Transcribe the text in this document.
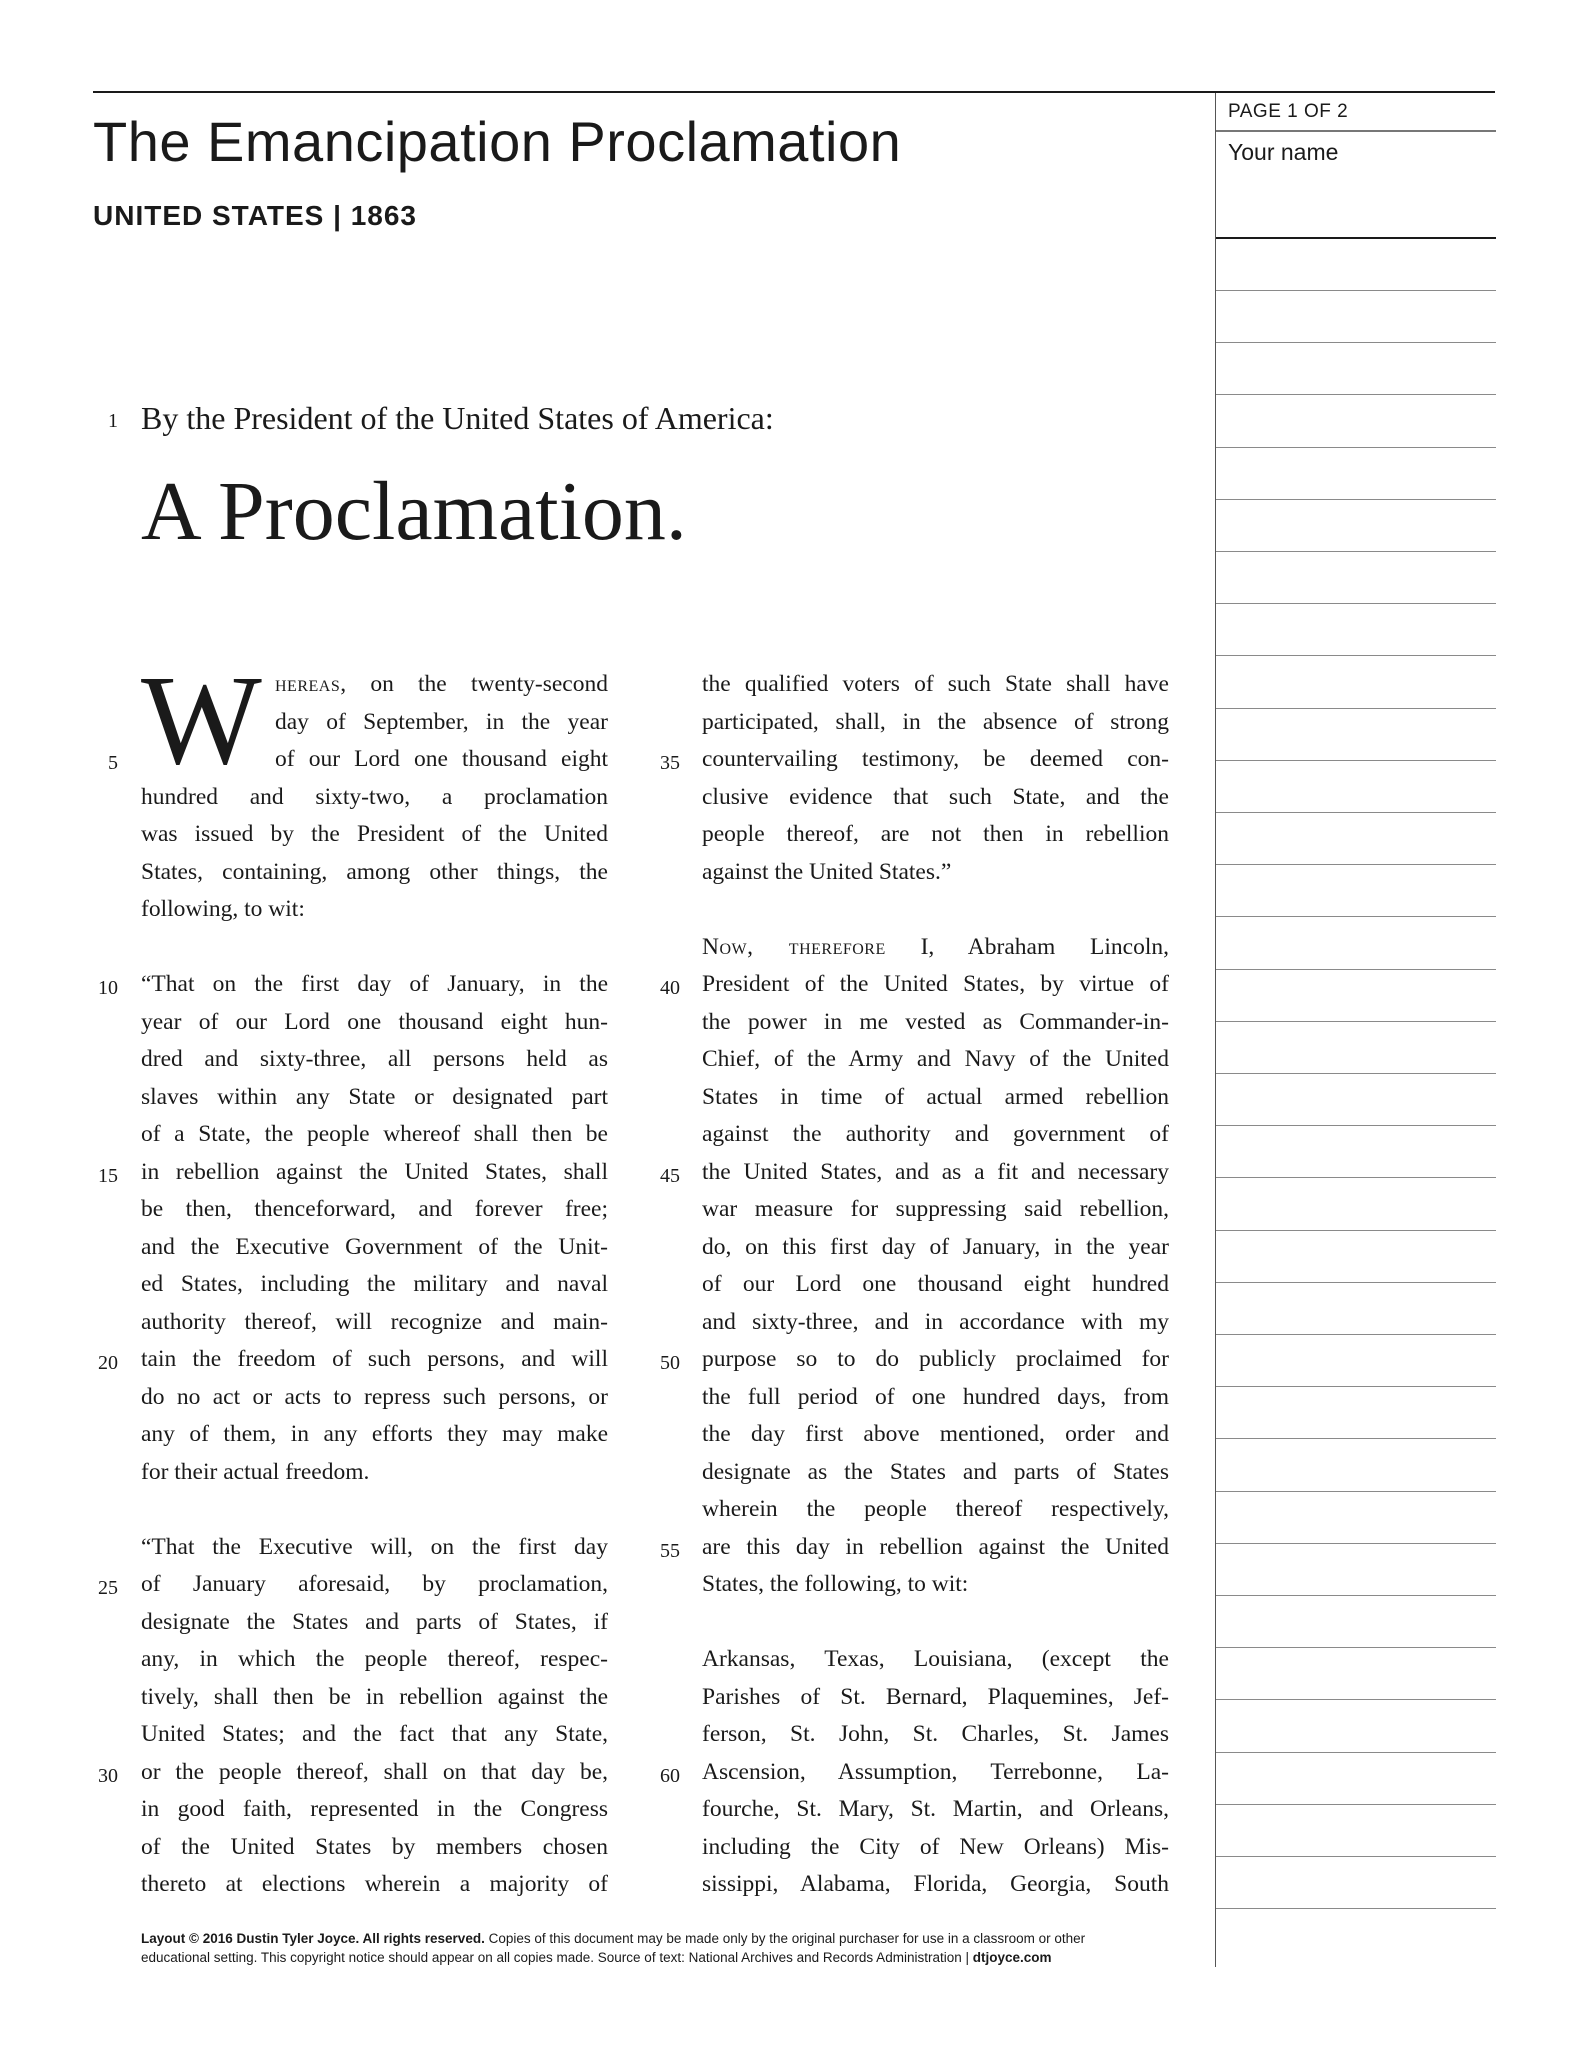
The Emancipation Proclamation
UNITED STATES | 1863
PAGE 1 OF 2
Your name
By the President of the United States of America:
A Proclamation.
1
5
10
15
20
25
30
35
40
45
50
55
60
W hereas, on the twenty-second
day of September, in the year
of our Lord one thousand eight
hundred and sixty-two, a proclamation
was issued by the President of the United
States, containing, among other things, the
following, to wit:
“That on the first day of January, in the
year of our Lord one thousand eight hun-
dred and sixty-three, all persons held as
slaves within any State or designated part
of a State, the people whereof shall then be
in rebellion against the United States, shall
be then, thenceforward, and forever free;
and the Executive Government of the Unit-
ed States, including the military and naval
authority thereof, will recognize and main-
tain the freedom of such persons, and will
do no act or acts to repress such persons, or
any of them, in any efforts they may make
for their actual freedom.
“That the Executive will, on the first day
of January aforesaid, by proclamation,
designate the States and parts of States, if
any, in which the people thereof, respec-
tively, shall then be in rebellion against the
United States; and the fact that any State,
or the people thereof, shall on that day be,
in good faith, represented in the Congress
of the United States by members chosen
thereto at elections wherein a majority of
the qualified voters of such State shall have
participated, shall, in the absence of strong
countervailing testimony, be deemed con-
clusive evidence that such State, and the
people thereof, are not then in rebellion
against the United States.”
Now, therefore I, Abraham Lincoln,
President of the United States, by virtue of
the power in me vested as Commander-in-
Chief, of the Army and Navy of the United
States in time of actual armed rebellion
against the authority and government of
the United States, and as a fit and necessary
war measure for suppressing said rebellion,
do, on this first day of January, in the year
of our Lord one thousand eight hundred
and sixty-three, and in accordance with my
purpose so to do publicly proclaimed for
the full period of one hundred days, from
the day first above mentioned, order and
designate as the States and parts of States
wherein the people thereof respectively,
are this day in rebellion against the United
States, the following, to wit:
Arkansas, Texas, Louisiana, (except the
Parishes of St. Bernard, Plaquemines, Jef-
ferson, St. John, St. Charles, St. James
Ascension, Assumption, Terrebonne, La-
fourche, St. Mary, St. Martin, and Orleans,
including the City of New Orleans) Mis-
sissippi, Alabama, Florida, Georgia, South
Layout © 2016 Dustin Tyler Joyce. All rights reserved. Copies of this document may be made only by the original purchaser for use in a classroom or other
educational setting. This copyright notice should appear on all copies made. Source of text: National Archives and Records Administration | dtjoyce.com
